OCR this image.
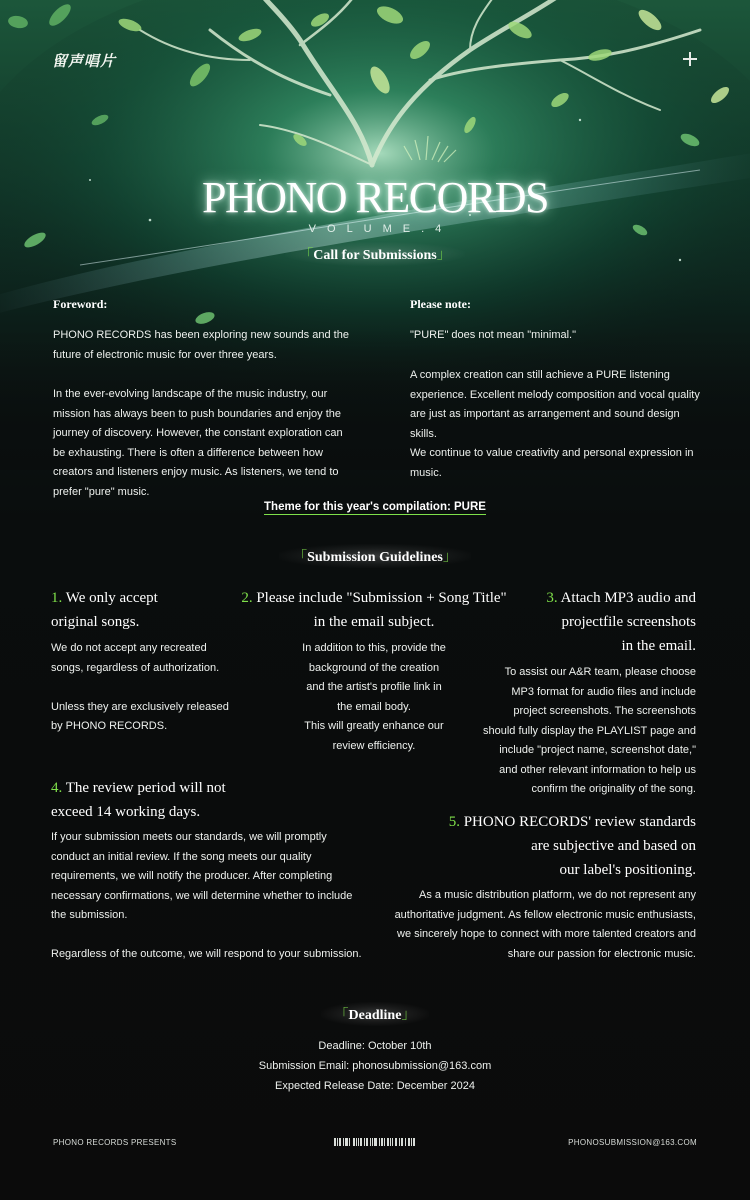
留声唱片
PHONO RECORDS
VOLUME.4
「Call for Submissions」
Foreword:
PHONO RECORDS has been exploring new sounds and the future of electronic music for over three years.
In the ever-evolving landscape of the music industry, our mission has always been to push boundaries and enjoy the journey of discovery. However, the constant exploration can be exhausting. There is often a difference between how creators and listeners enjoy music. As listeners, we tend to prefer "pure" music.
Please note:
"PURE" does not mean "minimal."
A complex creation can still achieve a PURE listening experience. Excellent melody composition and vocal quality are just as important as arrangement and sound design skills.
We continue to value creativity and personal expression in music.
Theme for this year's compilation: PURE
「Submission Guidelines」
1. We only accept
original songs.
We do not accept any recreated
songs, regardless of authorization.
Unless they are exclusively released
by PHONO RECORDS.
2. Please include "Submission + Song Title"
in the email subject.
In addition to this, provide the
background of the creation
and the artist's profile link in
the email body.
This will greatly enhance our
review efficiency.
3. Attach MP3 audio and
projectfile screenshots
in the email.
To assist our A&R team, please choose
MP3 format for audio files and include
project screenshots. The screenshots
should fully display the PLAYLIST page and
include "project name, screenshot date,"
and other relevant information to help us
confirm the originality of the song.
4. The review period will not
exceed 14 working days.
If your submission meets our standards, we will promptly
conduct an initial review. If the song meets our quality
requirements, we will notify the producer. After completing
necessary confirmations, we will determine whether to include
the submission.
Regardless of the outcome, we will respond to your submission.
5. PHONO RECORDS' review standards
are subjective and based on
our label's positioning.
As a music distribution platform, we do not represent any
authoritative judgment. As fellow electronic music enthusiasts,
we sincerely hope to connect with more talented creators and
share our passion for electronic music.
「Deadline」
Deadline: October 10th
Submission Email: phonosubmission@163.com
Expected Release Date: December 2024
PHONO RECORDS PRESENTS	PHONOSUBMISSION@163.COM
